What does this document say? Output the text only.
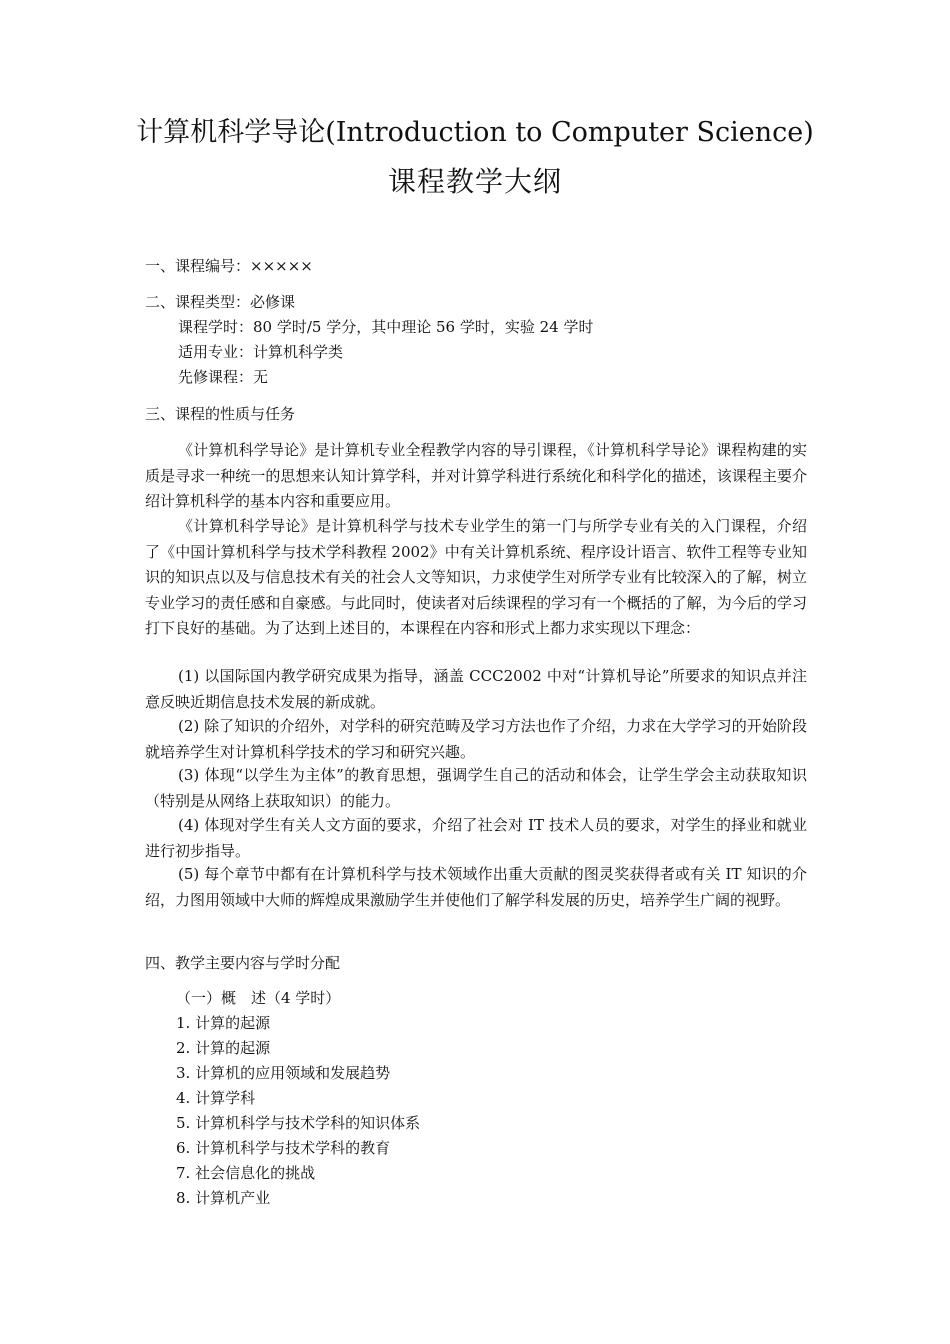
计算机科学导论(Introduction to Computer Science)
课程教学大纲
一、课程编号：×××××
二、课程类型：必修课
课程学时：80 学时/5 学分，其中理论 56 学时，实验 24 学时
适用专业：计算机科学类
先修课程：无
三、课程的性质与任务

《计算机科学导论》是计算机专业全程教学内容的导引课程，《计算机科学导论》课程构建的实质是寻求一种统一的思想来认知计算学科，并对计算学科进行系统化和科学化的描述，该课程主要介绍计算机科学的基本内容和重要应用。

《计算机科学导论》是计算机科学与技术专业学生的第一门与所学专业有关的入门课程，介绍了《中国计算机科学与技术学科教程 2002》中有关计算机系统、程序设计语言、软件工程等专业知识的知识点以及与信息技术有关的社会人文等知识，力求使学生对所学专业有比较深入的了解，树立专业学习的责任感和自豪感。与此同时，使读者对后续课程的学习有一个概括的了解，为今后的学习打下良好的基础。为了达到上述目的，本课程在内容和形式上都力求实现以下理念：

(1) 以国际国内教学研究成果为指导，涵盖 CCC2002 中对“计算机导论”所要求的知识点并注意反映近期信息技术发展的新成就。

(2) 除了知识的介绍外，对学科的研究范畴及学习方法也作了介绍，力求在大学学习的开始阶段就培养学生对计算机科学技术的学习和研究兴趣。

(3) 体现“以学生为主体”的教育思想，强调学生自己的活动和体会，让学生学会主动获取知识（特别是从网络上获取知识）的能力。

(4) 体现对学生有关人文方面的要求，介绍了社会对 IT 技术人员的要求，对学生的择业和就业进行初步指导。

(5) 每个章节中都有在计算机科学与技术领域作出重大贡献的图灵奖获得者或有关 IT 知识的介绍，力图用领域中大师的辉煌成果激励学生并使他们了解学科发展的历史，培养学生广阔的视野。

四、教学主要内容与学时分配
（一）概　述（4 学时）
1. 计算的起源
2. 计算的起源
3. 计算机的应用领域和发展趋势
4. 计算学科
5. 计算机科学与技术学科的知识体系
6. 计算机科学与技术学科的教育
7. 社会信息化的挑战
8. 计算机产业
